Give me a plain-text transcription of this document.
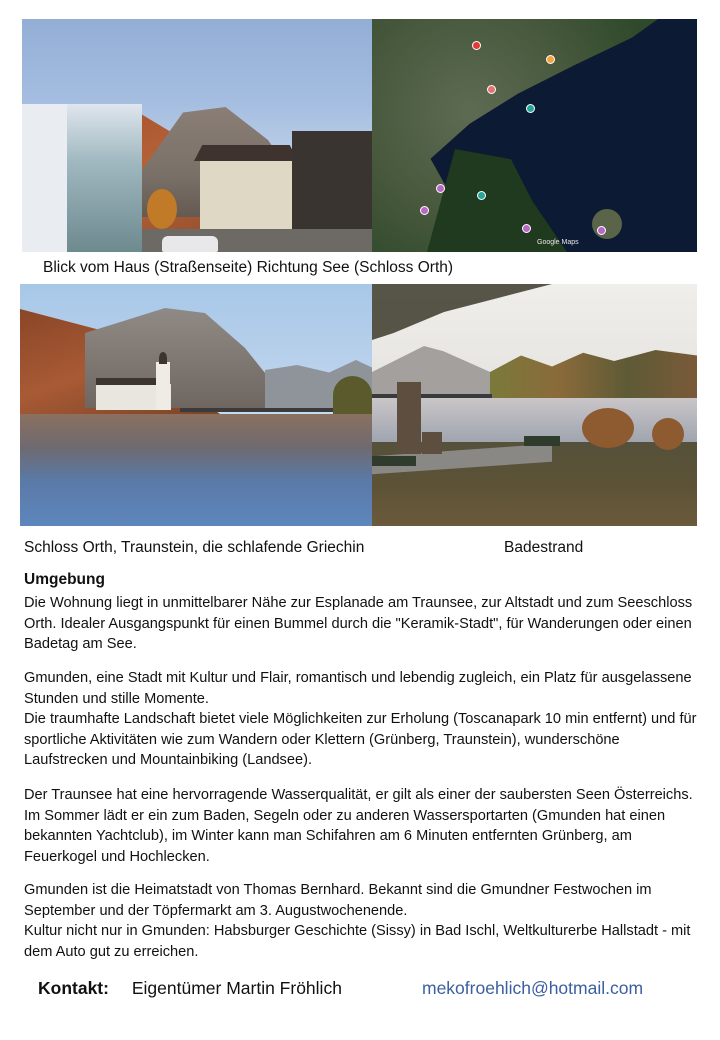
Google Maps
Blick vom Haus (Straßenseite) Richtung See (Schloss Orth)
Schloss Orth, Traunstein, die schlafende Griechin	Badestrand
Umgebung
Die Wohnung liegt in unmittelbarer Nähe zur Esplanade am Traunsee, zur Altstadt und zum Seeschloss Orth. Idealer Ausgangspunkt für einen Bummel durch die "Keramik-Stadt", für Wanderungen oder einen Badetag am See.
Gmunden, eine Stadt mit Kultur und Flair, romantisch und lebendig zugleich, ein Platz für ausgelassene Stunden und stille Momente.
Die traumhafte Landschaft bietet viele Möglichkeiten zur Erholung (Toscanapark 10 min entfernt) und für sportliche Aktivitäten wie zum Wandern oder Klettern (Grünberg, Traunstein), wunderschöne Laufstrecken und Mountainbiking (Landsee).
Der Traunsee hat eine hervorragende Wasserqualität, er gilt als einer der saubersten Seen Österreichs. Im Sommer lädt er ein zum Baden, Segeln oder zu anderen Wassersportarten (Gmunden hat einen bekannten Yachtclub), im Winter kann man Schifahren am 6 Minuten entfernten Grünberg, am Feuerkogel und Hochlecken.
Gmunden ist die Heimatstadt von Thomas Bernhard. Bekannt sind die Gmundner Festwochen im September und der Töpfermarkt am 3. Augustwochenende.
Kultur nicht nur in Gmunden: Habsburger Geschichte (Sissy) in Bad Ischl, Weltkulturerbe Hallstadt - mit dem Auto gut zu erreichen.
Kontakt: Eigentümer Martin Fröhlich	mekofroehlich@hotmail.com
